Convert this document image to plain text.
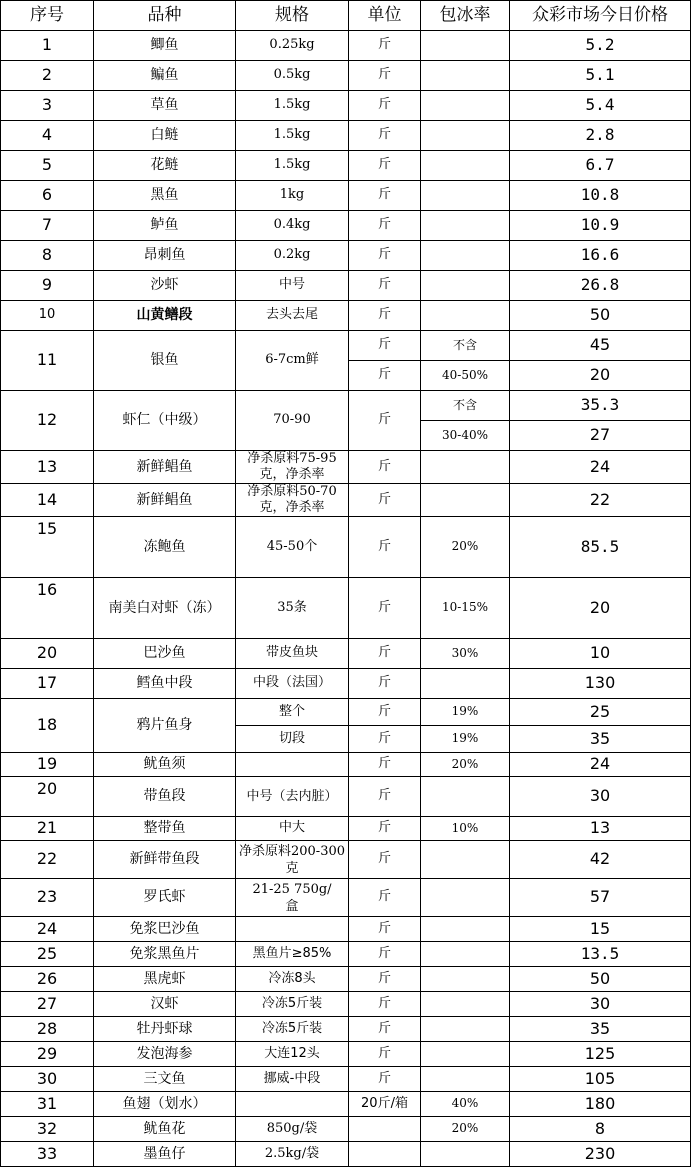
序号	品种	规格	单位	包冰率	众彩市场今日价格
1	鲫鱼	0.25kg	斤		5.2
2	鳊鱼	0.5kg	斤		5.1
3	草鱼	1.5kg	斤		5.4
4	白鲢	1.5kg	斤		2.8
5	花鲢	1.5kg	斤		6.7
6	黑鱼	1kg	斤		10.8
7	鲈鱼	0.4kg	斤		10.9
8	昂刺鱼	0.2kg	斤		16.6
9	沙虾	中号	斤		26.8
10	山黄鳝段	去头去尾	斤		50
11	银鱼	6-7cm鲜	斤	不含	45
			斤	40-50%	20
12	虾仁（中级）	70-90	斤	不含	35.3
				30-40%	27
13	新鲜鲳鱼	净杀原料75-95克，净杀率	斤		24
14	新鲜鲳鱼	净杀原料50-70克，净杀率	斤		22
15	冻鲍鱼	45-50个	斤	20%	85.5
16	南美白对虾（冻）	35条	斤	10-15%	20
20	巴沙鱼	带皮鱼块	斤	30%	10
17	鳕鱼中段	中段（法国）	斤		130
18	鸦片鱼身	整个	斤	19%	25
		切段	斤	19%	35
19	鱿鱼须		斤	20%	24
20	带鱼段	中号（去内脏）	斤		30
21	整带鱼	中大	斤	10%	13
22	新鲜带鱼段	净杀原料200-300克	斤		42
23	罗氏虾	21-25 750g/盒	斤		57
24	免浆巴沙鱼		斤		15
25	免浆黑鱼片	黑鱼片≥85%	斤		13.5
26	黑虎虾	冷冻8头	斤		50
27	汉虾	冷冻5斤装	斤		30
28	牡丹虾球	冷冻5斤装	斤		35
29	发泡海参	大连12头	斤		125
30	三文鱼	挪威-中段	斤		105
31	鱼翅（划水）		20斤/箱	40%	180
32	鱿鱼花	850g/袋		20%	8
33	墨鱼仔	2.5kg/袋			230
